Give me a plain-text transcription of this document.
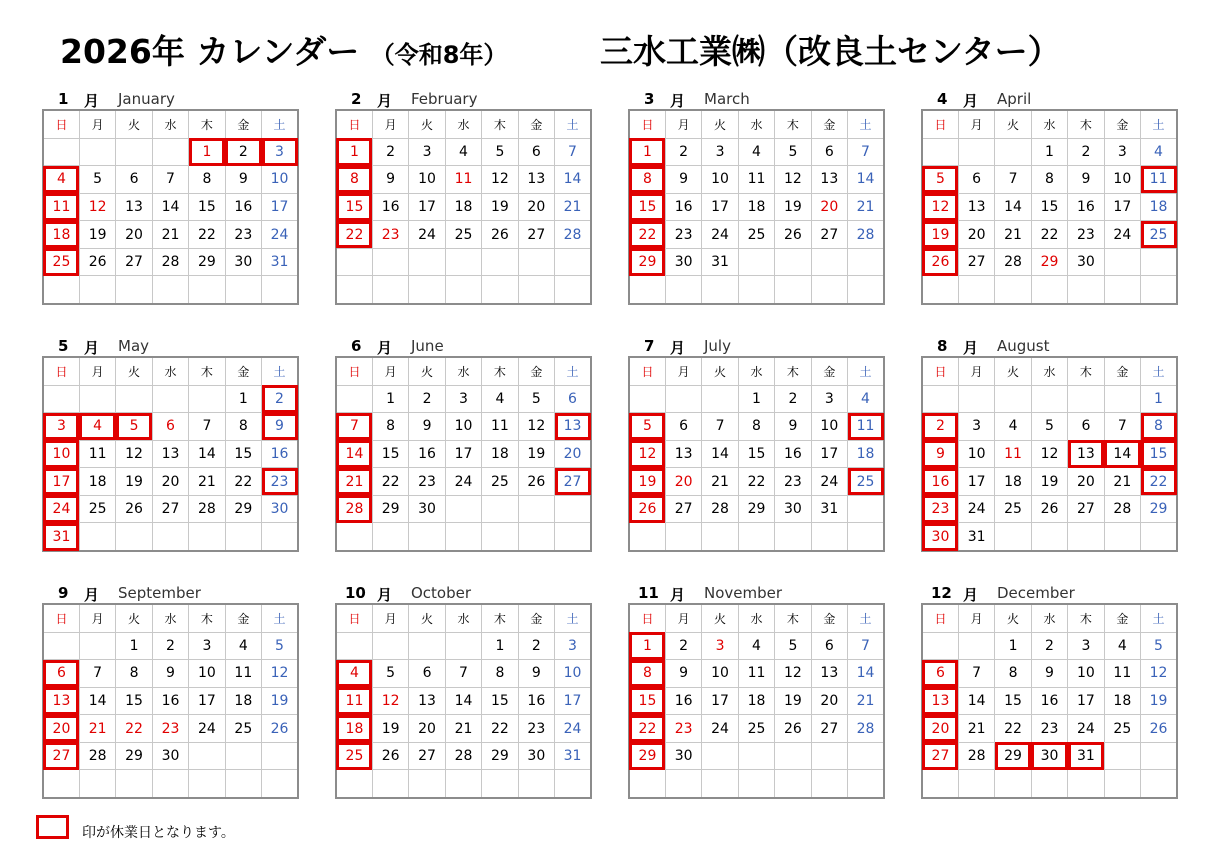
2026年 カレンダー （令和8年）	三水工業㈱（改良土センター）
1 月 January
日	月	火	水	木	金	土
				1	2	3
4	5	6	7	8	9	10
11	12	13	14	15	16	17
18	19	20	21	22	23	24
25	26	27	28	29	30	31

2 月 February
日	月	火	水	木	金	土
1	2	3	4	5	6	7
8	9	10	11	12	13	14
15	16	17	18	19	20	21
22	23	24	25	26	27	28

3 月 March
日	月	火	水	木	金	土
1	2	3	4	5	6	7
8	9	10	11	12	13	14
15	16	17	18	19	20	21
22	23	24	25	26	27	28
29	30	31				

4 月 April
日	月	火	水	木	金	土
			1	2	3	4
5	6	7	8	9	10	11
12	13	14	15	16	17	18
19	20	21	22	23	24	25
26	27	28	29	30		

5 月 May
日	月	火	水	木	金	土
					1	2
3	4	5	6	7	8	9
10	11	12	13	14	15	16
17	18	19	20	21	22	23
24	25	26	27	28	29	30
31						
6 月 June
日	月	火	水	木	金	土
	1	2	3	4	5	6
7	8	9	10	11	12	13
14	15	16	17	18	19	20
21	22	23	24	25	26	27
28	29	30				

7 月 July
日	月	火	水	木	金	土
			1	2	3	4
5	6	7	8	9	10	11
12	13	14	15	16	17	18
19	20	21	22	23	24	25
26	27	28	29	30	31	

8 月 August
日	月	火	水	木	金	土
						1
2	3	4	5	6	7	8
9	10	11	12	13	14	15
16	17	18	19	20	21	22
23	24	25	26	27	28	29
30	31					
9 月 September
日	月	火	水	木	金	土
		1	2	3	4	5
6	7	8	9	10	11	12
13	14	15	16	17	18	19
20	21	22	23	24	25	26
27	28	29	30			

10 月 October
日	月	火	水	木	金	土
				1	2	3
4	5	6	7	8	9	10
11	12	13	14	15	16	17
18	19	20	21	22	23	24
25	26	27	28	29	30	31

11 月 November
日	月	火	水	木	金	土
1	2	3	4	5	6	7
8	9	10	11	12	13	14
15	16	17	18	19	20	21
22	23	24	25	26	27	28
29	30					

12 月 December
日	月	火	水	木	金	土
		1	2	3	4	5
6	7	8	9	10	11	12
13	14	15	16	17	18	19
20	21	22	23	24	25	26
27	28	29	30	31		

印が休業日となります。
